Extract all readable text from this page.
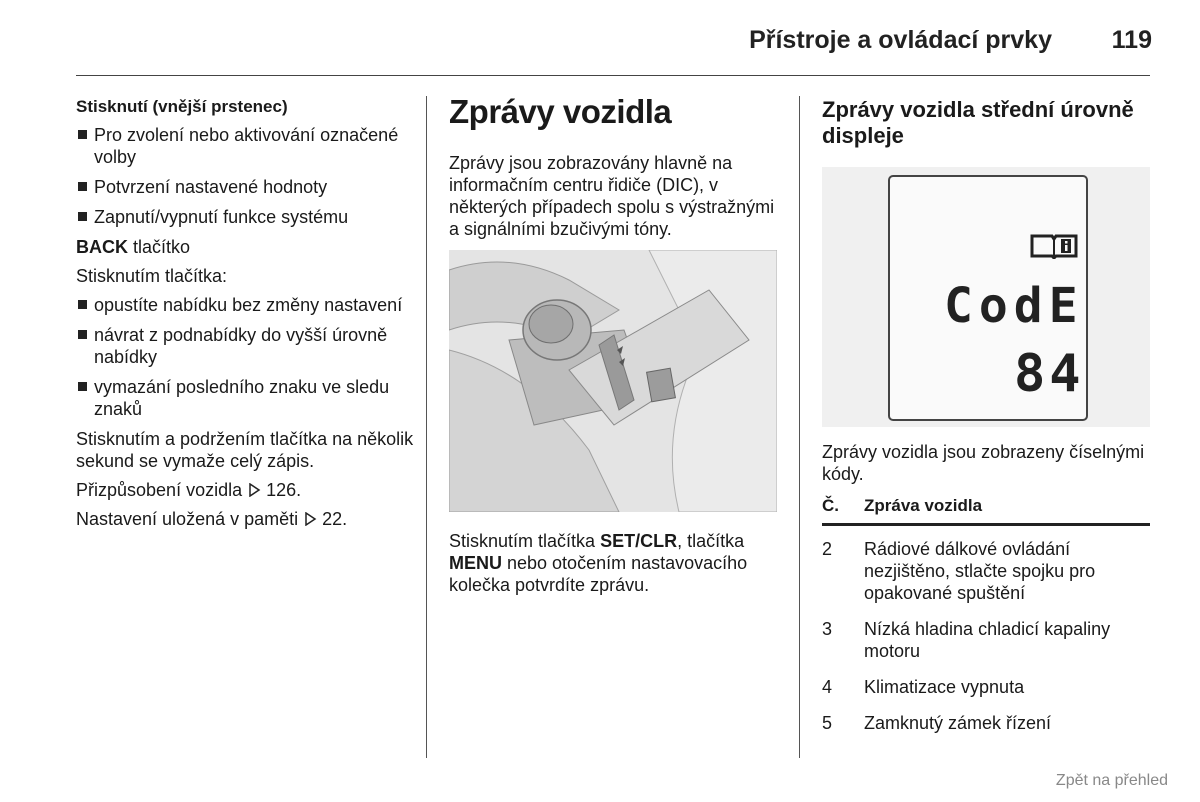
Přístroje a ovládací prvky 119
Stisknutí (vnější prstenec)
Pro zvolení nebo aktivování označené volby
Potvrzení nastavené hodnoty
Zapnutí/vypnutí funkce systému
BACK tlačítko
Stisknutím tlačítka:
opustíte nabídku bez změny nastavení
návrat z podnabídky do vyšší úrovně nabídky
vymazání posledního znaku ve sledu znaků
Stisknutím a podržením tlačítka na několik sekund se vymaže celý zápis.
Přizpůsobení vozidla  126.
Nastavení uložená v paměti  22.
Zprávy vozidla
Zprávy jsou zobrazovány hlavně na informačním centru řidiče (DIC), v některých případech spolu s výstražnými a signálními bzučivými tóny.
Stisknutím tlačítka SET/CLR, tlačítka MENU nebo otočením nastavovacího kolečka potvrdíte zprávu.
Zprávy vozidla střední úrovně displeje
CodE
84
Zprávy vozidla jsou zobrazeny číselnými kódy.
Č.	Zpráva vozidla
2	Rádiové dálkové ovládání nezjištěno, stlačte spojku pro opakované spuštění
3	Nízká hladina chladicí kapaliny motoru
4	Klimatizace vypnuta
5	Zamknutý zámek řízení
Zpět na přehled
